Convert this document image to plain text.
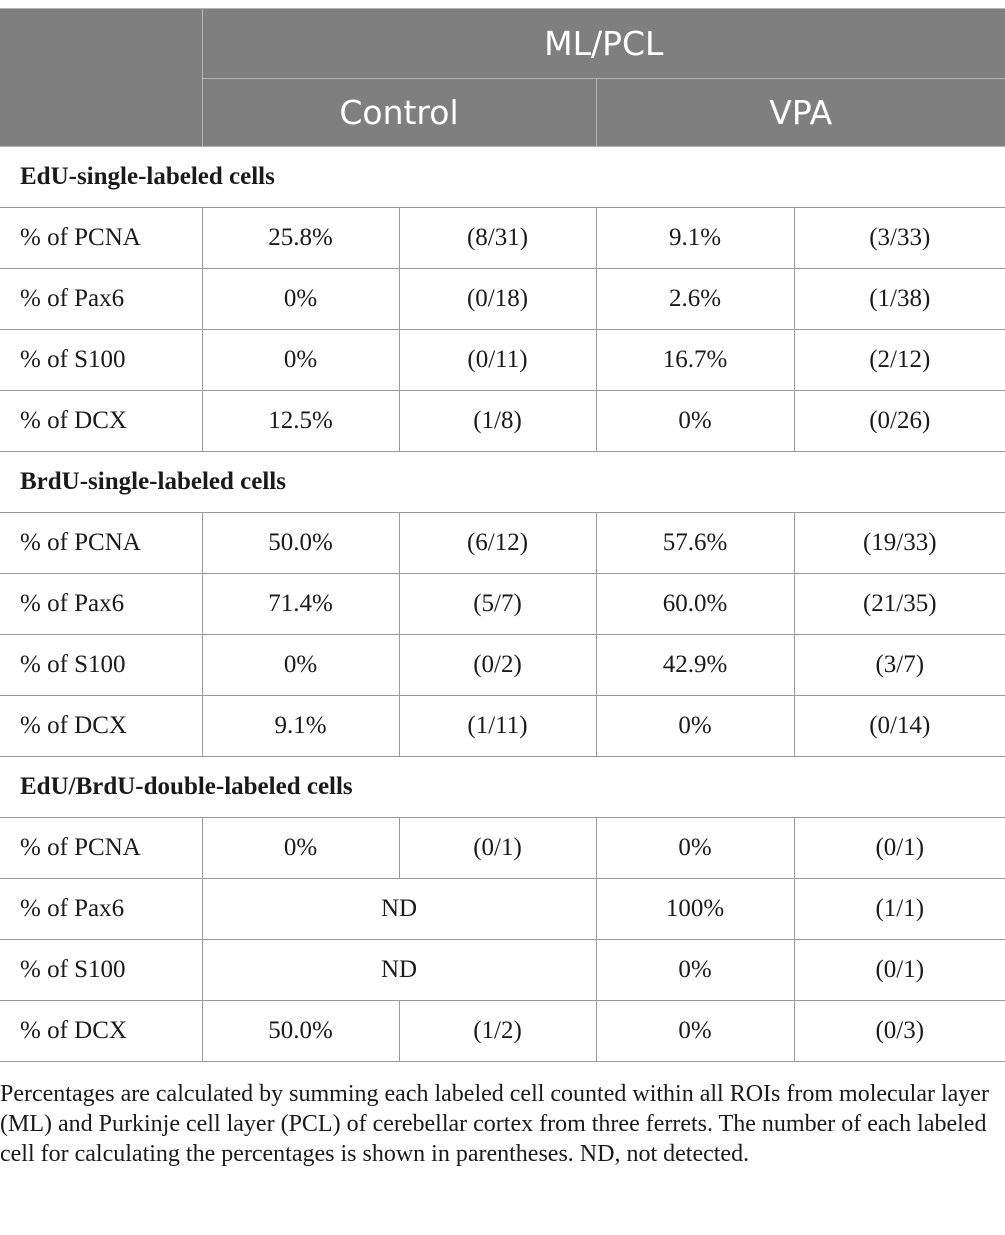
	ML/PCL			
	Control		VPA	
EdU-single-labeled cells				
% of PCNA	25.8%	(8/31)	9.1%	(3/33)
% of Pax6	0%	(0/18)	2.6%	(1/38)
% of S100	0%	(0/11)	16.7%	(2/12)
% of DCX	12.5%	(1/8)	0%	(0/26)
BrdU-single-labeled cells				
% of PCNA	50.0%	(6/12)	57.6%	(19/33)
% of Pax6	71.4%	(5/7)	60.0%	(21/35)
% of S100	0%	(0/2)	42.9%	(3/7)
% of DCX	9.1%	(1/11)	0%	(0/14)
EdU/BrdU-double-labeled cells				
% of PCNA	0%	(0/1)	0%	(0/1)
% of Pax6	ND		100%	(1/1)
% of S100	ND		0%	(0/1)
% of DCX	50.0%	(1/2)	0%	(0/3)
Percentages are calculated by summing each labeled cell counted within all ROIs from molecular layer (ML) and Purkinje cell layer (PCL) of cerebellar cortex from three ferrets. The number of each labeled cell for calculating the percentages is shown in parentheses. ND, not detected.
